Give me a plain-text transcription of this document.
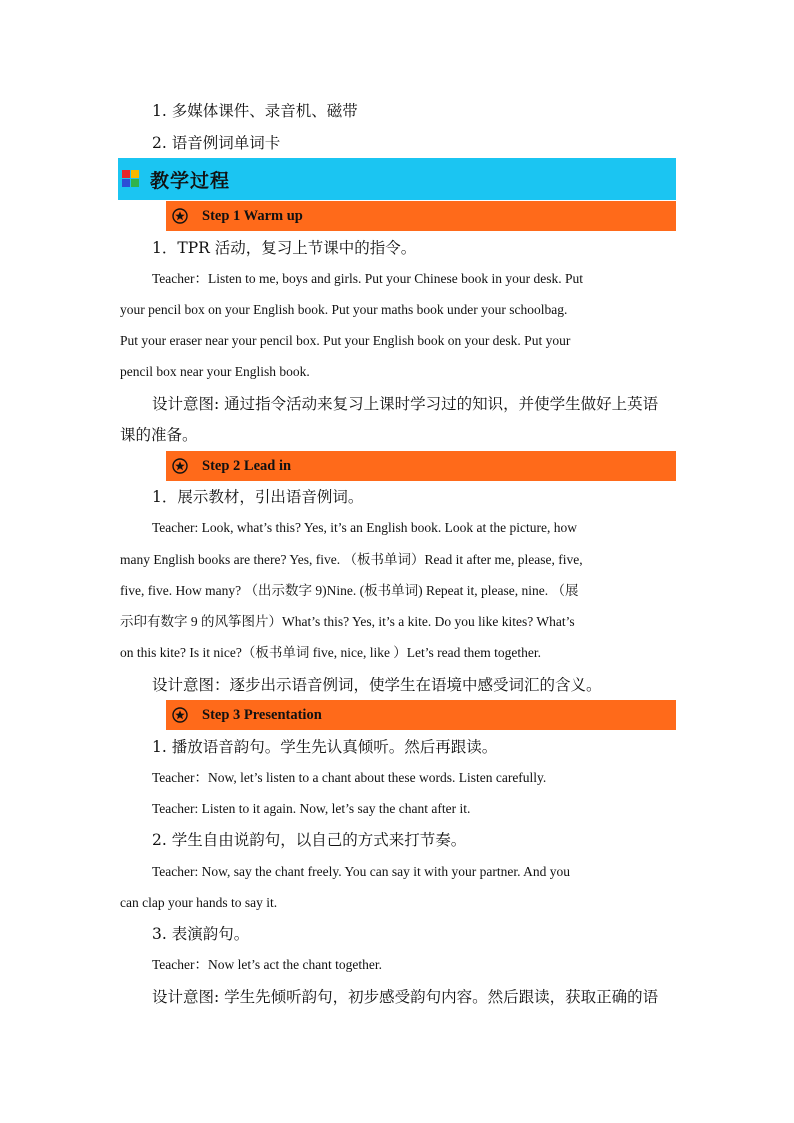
1. 多媒体课件、录音机、磁带
2. 语音例词单词卡
教学过程
Step 1 Warm up
1．TPR 活动，复习上节课中的指令。
Teacher：Listen to me, boys and girls. Put your Chinese book in your desk. Put
your pencil box on your English book. Put your maths book under your schoolbag.
Put your eraser near your pencil box. Put your English book on your desk. Put your
pencil box near your English book.
设计意图: 通过指令活动来复习上课时学习过的知识，并使学生做好上英语
课的准备。
Step 2 Lead in
1．展示教材，引出语音例词。
Teacher: Look, what’s this? Yes, it’s an English book. Look at the picture, how
many English books are there? Yes, five. （板书单词）Read it after me, please, five,
five, five. How many? （出示数字 9)Nine. (板书单词) Repeat it, please, nine. （展
示印有数字 9 的风筝图片）What’s this? Yes, it’s a kite. Do you like kites? What’s
on this kite? Is it nice?（板书单词 five, nice, like ）Let’s read them together.
设计意图：逐步出示语音例词，使学生在语境中感受词汇的含义。
Step 3 Presentation
1. 播放语音韵句。学生先认真倾听。然后再跟读。
Teacher：Now, let’s listen to a chant about these words. Listen carefully.
Teacher: Listen to it again. Now, let’s say the chant after it.
2. 学生自由说韵句，以自己的方式来打节奏。
Teacher: Now, say the chant freely. You can say it with your partner. And you
can clap your hands to say it.
3. 表演韵句。
Teacher：Now let’s act the chant together.
设计意图: 学生先倾听韵句，初步感受韵句内容。然后跟读，获取正确的语
